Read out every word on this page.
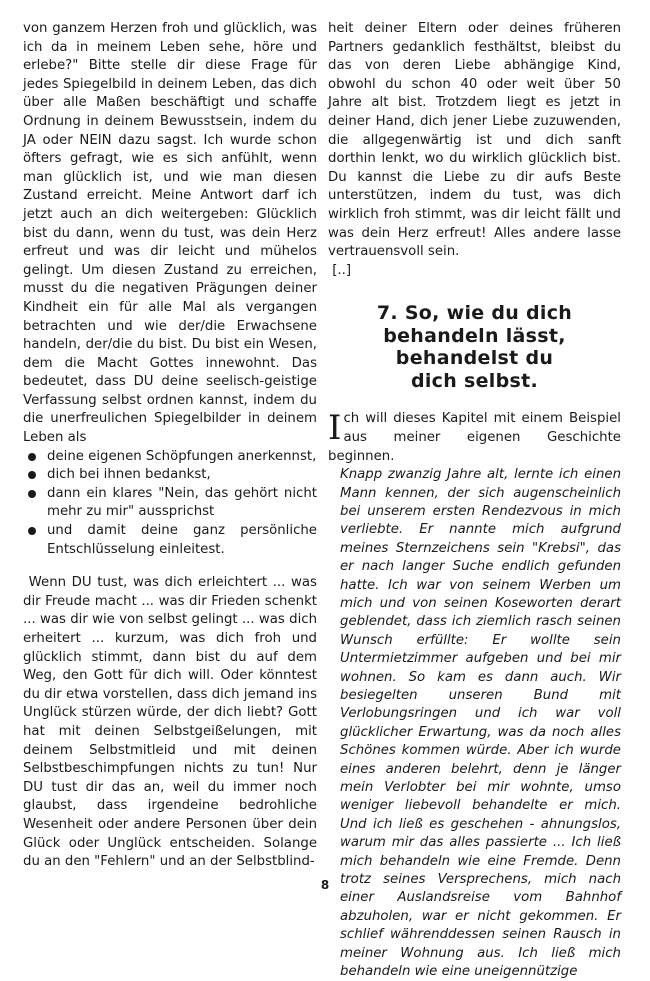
von ganzem Herzen froh und glücklich, was ich da in meinem Leben sehe, höre und erlebe?" Bitte stelle dir diese Frage für jedes Spiegelbild in deinem Leben, das dich über alle Maßen beschäftigt und schaffe Ordnung in deinem Bewusstsein, indem du JA oder NEIN dazu sagst. Ich wurde schon öfters gefragt, wie es sich anfühlt, wenn man glücklich ist, und wie man diesen Zustand erreicht. Meine Antwort darf ich jetzt auch an dich weitergeben: Glücklich bist du dann, wenn du tust, was dein Herz erfreut und was dir leicht und mühelos gelingt. Um diesen Zustand zu erreichen, musst du die negativen Prägungen deiner Kindheit ein für alle Mal als vergangen betrachten und wie der/die Erwachsene handeln, der/die du bist. Du bist ein Wesen, dem die Macht Gottes innewohnt. Das bedeutet, dass DU deine seelisch-geistige Verfassung selbst ordnen kannst, indem du die unerfreulichen Spiegelbilder in deinem Leben als

deine eigenen Schöpfungen anerkennst,
dich bei ihnen bedankst,
dann ein klares "Nein, das gehört nicht mehr zu mir" aussprichst
und damit deine ganz persönliche Entschlüsselung einleitest.

Wenn DU tust, was dich erleichtert ... was dir Freude macht ... was dir Frieden schenkt ... was dir wie von selbst gelingt ... was dich erheitert ... kurzum, was dich froh und glücklich stimmt, dann bist du auf dem Weg, den Gott für dich will. Oder könntest du dir etwa vorstellen, dass dich jemand ins Unglück stürzen würde, der dich liebt? Gott hat mit deinen Selbstgeißelungen, mit deinem Selbstmitleid und mit deinen Selbstbeschimpfungen nichts zu tun! Nur DU tust dir das an, weil du immer noch glaubst, dass irgendeine bedrohliche Wesenheit oder andere Personen über dein Glück oder Unglück entscheiden. Solange du an den "Fehlern" und an der Selbstblind-

heit deiner Eltern oder deines früheren Partners gedanklich festhältst, bleibst du das von deren Liebe abhängige Kind, obwohl du schon 40 oder weit über 50 Jahre alt bist. Trotzdem liegt es jetzt in deiner Hand, dich jener Liebe zuzuwenden, die allgegenwärtig ist und dich sanft dorthin lenkt, wo du wirklich glücklich bist. Du kannst die Liebe zu dir aufs Beste unterstützen, indem du tust, was dich wirklich froh stimmt, was dir leicht fällt und was dein Herz erfreut! Alles andere lasse vertrauensvoll sein.

[..]

7. So, wie du dich
behandeln lässt,
behandelst du
dich selbst.

I ch will dieses Kapitel mit einem Beispiel aus meiner eigenen Geschichte beginnen.

Knapp zwanzig Jahre alt, lernte ich einen Mann kennen, der sich augenscheinlich bei unserem ersten Rendezvous in mich verliebte. Er nannte mich aufgrund meines Sternzeichens sein "Krebsi", das er nach langer Suche endlich gefunden hatte. Ich war von seinem Werben um mich und von seinen Koseworten derart geblendet, dass ich ziemlich rasch seinen Wunsch erfüllte: Er wollte sein Untermietzimmer aufgeben und bei mir wohnen. So kam es dann auch. Wir besiegelten unseren Bund mit Verlobungsringen und ich war voll glücklicher Erwartung, was da noch alles Schönes kommen würde. Aber ich wurde eines anderen belehrt, denn je länger mein Verlobter bei mir wohnte, umso weniger liebevoll behandelte er mich. Und ich ließ es geschehen - ahnungslos, warum mir das alles passierte ... Ich ließ mich behandeln wie eine Fremde. Denn trotz seines Versprechens, mich nach einer Auslandsreise vom Bahnhof abzuholen, war er nicht gekommen. Er schlief währenddessen seinen Rausch in meiner Wohnung aus. Ich ließ mich behandeln wie eine uneigennützige

8
